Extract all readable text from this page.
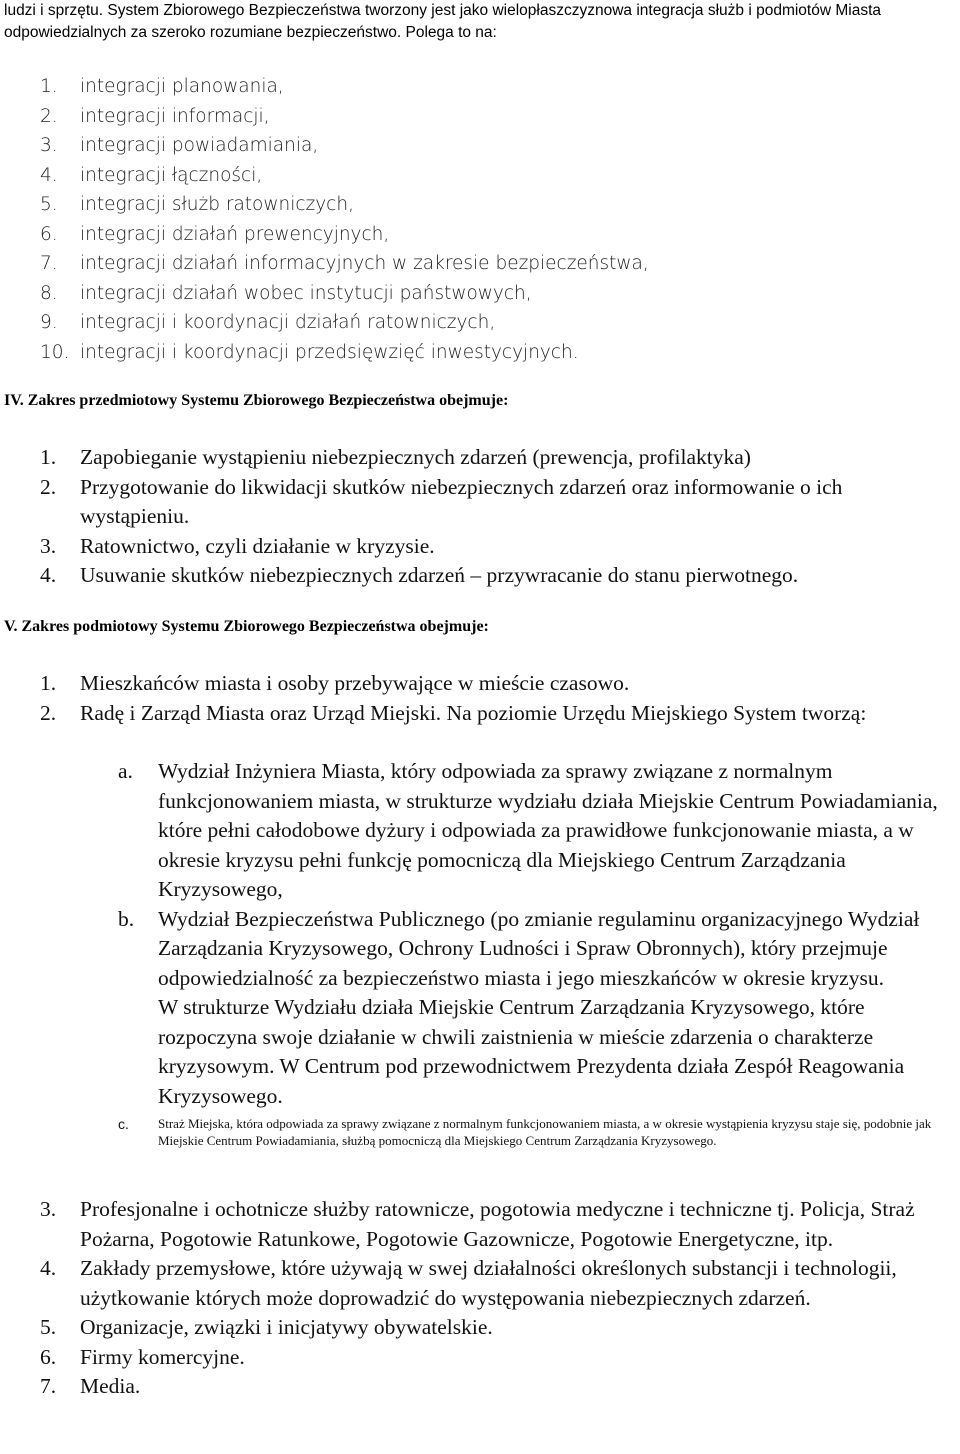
ludzi i sprzętu. System Zbiorowego Bezpieczeństwa tworzony jest jako wielopłaszczyznowa integracja służb i podmiotów Miasta odpowiedzialnych za szeroko rozumiane bezpieczeństwo. Polega to na:

1. integracji planowania,
2. integracji informacji,
3. integracji powiadamiania,
4. integracji łączności,
5. integracji służb ratowniczych,
6. integracji działań prewencyjnych,
7. integracji działań informacyjnych w zakresie bezpieczeństwa,
8. integracji działań wobec instytucji państwowych,
9. integracji i koordynacji działań ratowniczych,
10. integracji i koordynacji przedsięwzięć inwestycyjnych.
IV. Zakres przedmiotowy Systemu Zbiorowego Bezpieczeństwa obejmuje:
1. Zapobieganie wystąpieniu niebezpiecznych zdarzeń (prewencja, profilaktyka)
2. Przygotowanie do likwidacji skutków niebezpiecznych zdarzeń oraz informowanie o ich wystąpieniu.
3. Ratownictwo, czyli działanie w kryzysie.
4. Usuwanie skutków niebezpiecznych zdarzeń – przywracanie do stanu pierwotnego.
V. Zakres podmiotowy Systemu Zbiorowego Bezpieczeństwa obejmuje:
1. Mieszkańców miasta i osoby przebywające w mieście czasowo.
2. Radę i Zarząd Miasta oraz Urząd Miejski. Na poziomie Urzędu Miejskiego System tworzą:
a. Wydział Inżyniera Miasta, który odpowiada za sprawy związane z normalnym funkcjonowaniem miasta, w strukturze wydziału działa Miejskie Centrum Powiadamiania, które pełni całodobowe dyżury i odpowiada za prawidłowe funkcjonowanie miasta, a w okresie kryzysu pełni funkcję pomocniczą dla Miejskiego Centrum Zarządzania Kryzysowego,
b. Wydział Bezpieczeństwa Publicznego (po zmianie regulaminu organizacyjnego Wydział Zarządzania Kryzysowego, Ochrony Ludności i Spraw Obronnych), który przejmuje odpowiedzialność za bezpieczeństwo miasta i jego mieszkańców w okresie kryzysu.
W strukturze Wydziału działa Miejskie Centrum Zarządzania Kryzysowego, które rozpoczyna swoje działanie w chwili zaistnienia w mieście zdarzenia o charakterze kryzysowym. W Centrum pod przewodnictwem Prezydenta działa Zespół Reagowania Kryzysowego.
c. Straż Miejska, która odpowiada za sprawy związane z normalnym funkcjonowaniem miasta, a w okresie wystąpienia kryzysu staje się, podobnie jak Miejskie Centrum Powiadamiania, służbą pomocniczą dla Miejskiego Centrum Zarządzania Kryzysowego.
3. Profesjonalne i ochotnicze służby ratownicze, pogotowia medyczne i techniczne tj. Policja, Straż Pożarna, Pogotowie Ratunkowe, Pogotowie Gazownicze, Pogotowie Energetyczne, itp.
4. Zakłady przemysłowe, które używają w swej działalności określonych substancji i technologii, użytkowanie których może doprowadzić do występowania niebezpiecznych zdarzeń.
5. Organizacje, związki i inicjatywy obywatelskie.
6. Firmy komercyjne.
7. Media.
